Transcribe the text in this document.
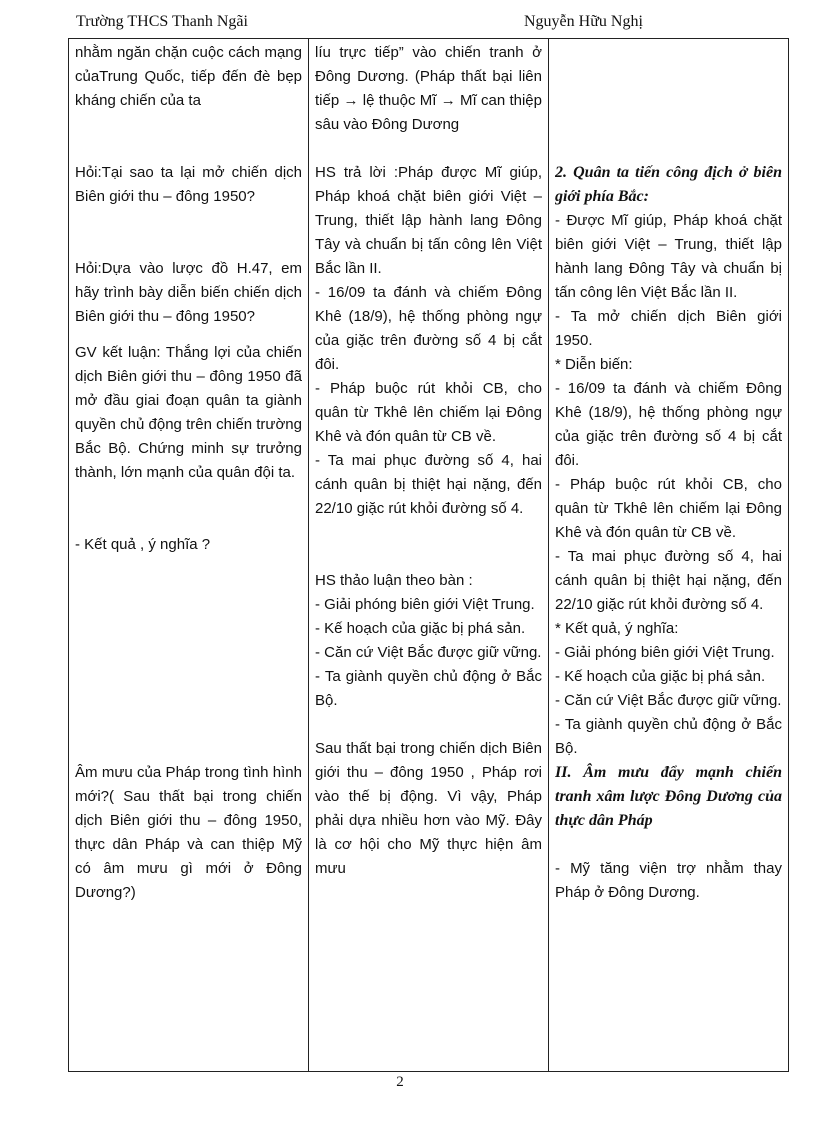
Trường THCS Thanh Ngãi	Nguyễn Hữu Nghị

nhằm ngăn chặn cuộc cách mạng củaTrung Quốc, tiếp đến đè bẹp kháng chiến của ta

Hỏi:Tại sao ta lại mở chiến dịch Biên giới thu – đông 1950?

Hỏi:Dựa vào lược đồ H.47, em hãy trình bày diễn biến chiến dịch Biên giới thu – đông 1950?

GV kết luận: Thắng lợi của chiến dịch Biên giới thu – đông 1950 đã mở đầu giai đoạn quân ta giành quyền chủ động trên chiến trường Bắc Bộ. Chứng minh sự trưởng thành, lớn mạnh của quân đội ta.

- Kết quả , ý nghĩa ?

Âm mưu của Pháp trong tình hình mới?( Sau thất bại trong chiến dịch Biên giới thu – đông 1950, thực dân Pháp và can thiệp Mỹ có âm mưu gì mới ở Đông Dương?)

líu trực tiếp” vào chiến tranh ở Đông Dương. (Pháp thất bại liên tiếp → lệ thuộc Mĩ → Mĩ can thiệp sâu vào Đông Dương

HS trả lời :Pháp được Mĩ giúp, Pháp khoá chặt biên giới Việt – Trung, thiết lập hành lang Đông Tây và chuẩn bị tấn công lên Việt Bắc lần II.

- 16/09 ta đánh và chiếm Đông Khê (18/9), hệ thống phòng ngự của giặc trên đường số 4 bị cắt đôi.

- Pháp buộc rút khỏi CB, cho quân từ Tkhê lên chiếm lại Đông Khê và đón quân từ CB về.

- Ta mai phục đường số 4, hai cánh quân bị thiệt hại nặng, đến 22/10 giặc rút khỏi đường số 4.

HS thảo luận theo bàn :

- Giải phóng biên giới Việt Trung.

- Kế hoạch của giặc bị phá sản.

- Căn cứ Việt Bắc được giữ vững.

- Ta giành quyền chủ động ở Bắc Bộ.

Sau thất bại trong chiến dịch Biên giới thu – đông 1950 , Pháp rơi vào thế bị động. Vì vậy, Pháp phải dựa nhiều hơn vào Mỹ. Đây là cơ hội cho Mỹ thực hiện âm mưu

2. Quân ta tiến công địch ở biên giới phía Bắc:

- Được Mĩ giúp, Pháp khoá chặt biên giới Việt – Trung, thiết lập hành lang Đông Tây và chuẩn bị tấn công lên Việt Bắc lần II.

- Ta mở chiến dịch Biên giới 1950.

* Diễn biến:

- 16/09 ta đánh và chiếm Đông Khê (18/9), hệ thống phòng ngự của giặc trên đường số 4 bị cắt đôi.

- Pháp buộc rút khỏi CB, cho quân từ Tkhê lên chiếm lại Đông Khê và đón quân từ CB về.

- Ta mai phục đường số 4, hai cánh quân bị thiệt hại nặng, đến 22/10 giặc rút khỏi đường số 4.

* Kết quả, ý nghĩa:

- Giải phóng biên giới Việt Trung.

- Kế hoạch của giặc bị phá sản.

- Căn cứ Việt Bắc được giữ vững.

- Ta giành quyền chủ động ở Bắc Bộ.

II. Âm mưu đẩy mạnh chiến tranh xâm lược Đông Dương của thực dân Pháp

- Mỹ tăng viện trợ nhằm thay Pháp ở Đông Dương.

2
